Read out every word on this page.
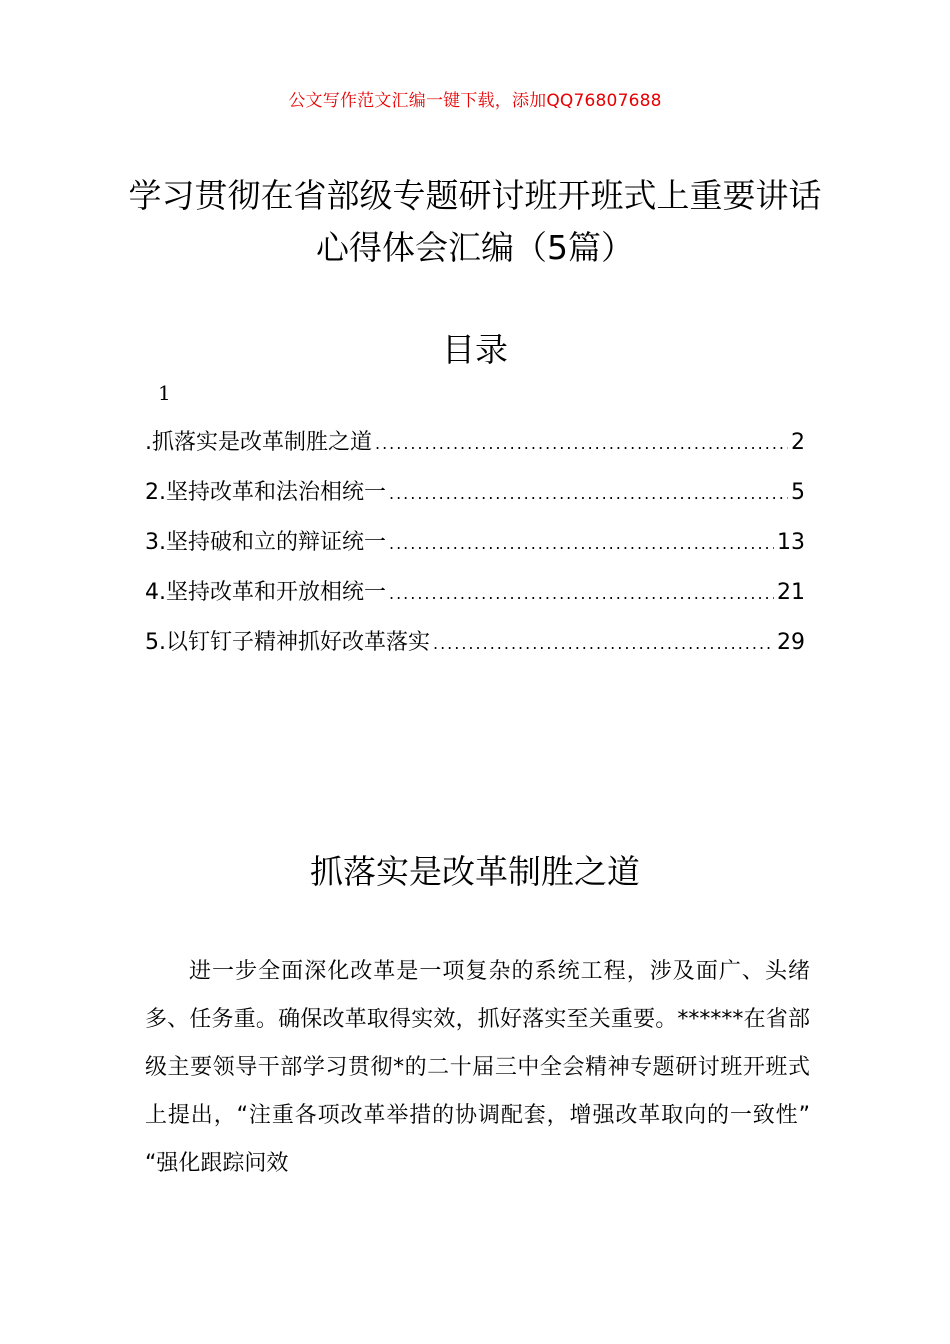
公文写作范文汇编一键下载，添加QQ76807688
学习贯彻在省部级专题研讨班开班式上重要讲话心得体会汇编（5篇）
目录
1
.抓落实是改革制胜之道 .....	2
2.坚持改革和法治相统一 .....	5
3.坚持破和立的辩证统一 .....	13
4.坚持改革和开放相统一 .....	21
5.以钉钉子精神抓好改革落实 .....	29
抓落实是改革制胜之道

进一步全面深化改革是一项复杂的系统工程，涉及面广、头绪多、任务重。确保改革取得实效，抓好落实至关重要。******在省部级主要领导干部学习贯彻*的二十届三中全会精神专题研讨班开班式上提出，“注重各项改革举措的协调配套，增强改革取向的一致性” “强化跟踪问效
